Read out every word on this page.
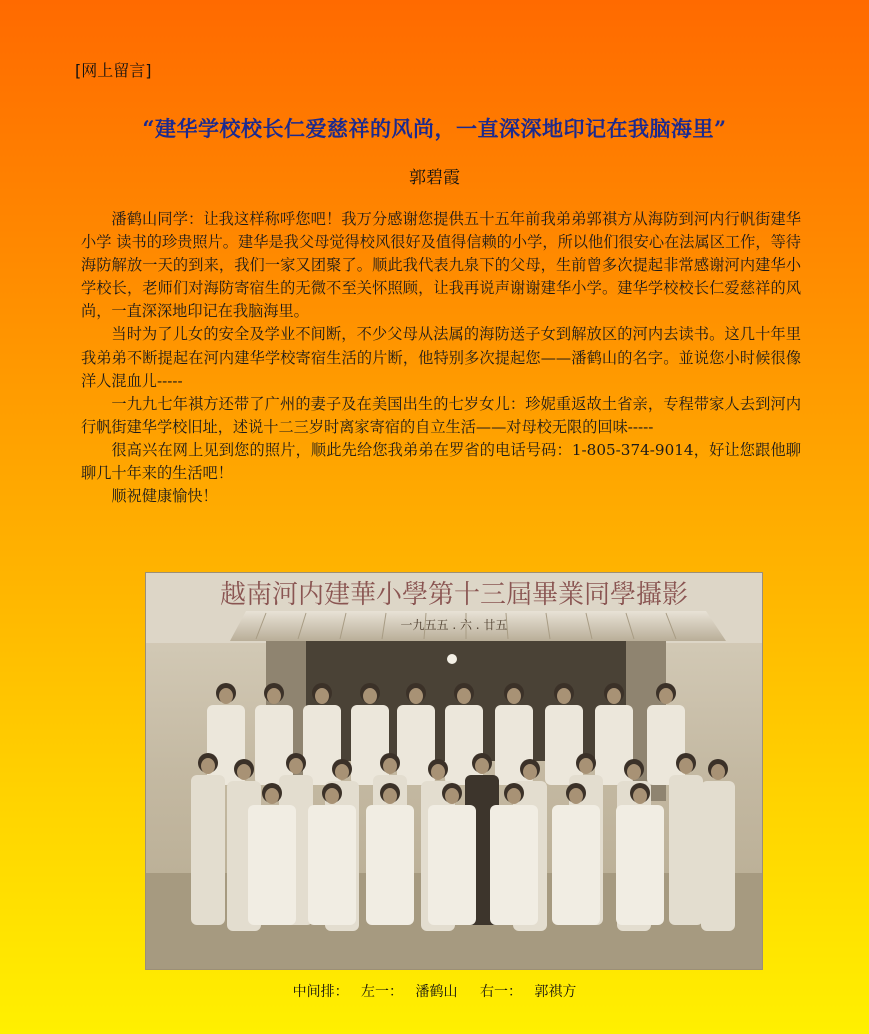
[网上留言]
“建华学校校长仁爱慈祥的风尚，一直深深地印记在我脑海里”
郭碧霞

潘鹤山同学：让我这样称呼您吧！我万分感谢您提供五十五年前我弟弟郭祺方从海防到河内行帆街建华小学 读书的珍贵照片。建华是我父母觉得校风很好及值得信赖的小学，所以他们很安心在法属区工作，等待海防解放一天的到来，我们一家又团聚了。顺此我代表九泉下的父母，生前曾多次提起非常感谢河内建华小学校长，老师们对海防寄宿生的无微不至关怀照顾，让我再说声谢谢建华小学。建华学校校长仁爱慈祥的风尚，一直深深地印记在我脑海里。

当时为了儿女的安全及学业不间断，不少父母从法属的海防送子女到解放区的河内去读书。这几十年里我弟弟不断提起在河内建华学校寄宿生活的片断，他特别多次提起您——潘鹤山的名字。並说您小时候很像洋人混血儿-----

一九九七年祺方还带了广州的妻子及在美国出生的七岁女儿：珍妮重返故土省亲，专程带家人去到河内行帆街建华学校旧址，述说十二三岁时离家寄宿的自立生活——对母校无限的回味-----

很高兴在网上见到您的照片，顺此先给您我弟弟在罗省的电话号码：1-805-374-9014，好让您跟他聊聊几十年来的生活吧！

顺祝健康愉快！

越南河内建華小學第十三屆畢業同學攝影
一九五五 . 六 . 廿五
中间排： 左一： 潘鹤山 右一： 郭祺方
